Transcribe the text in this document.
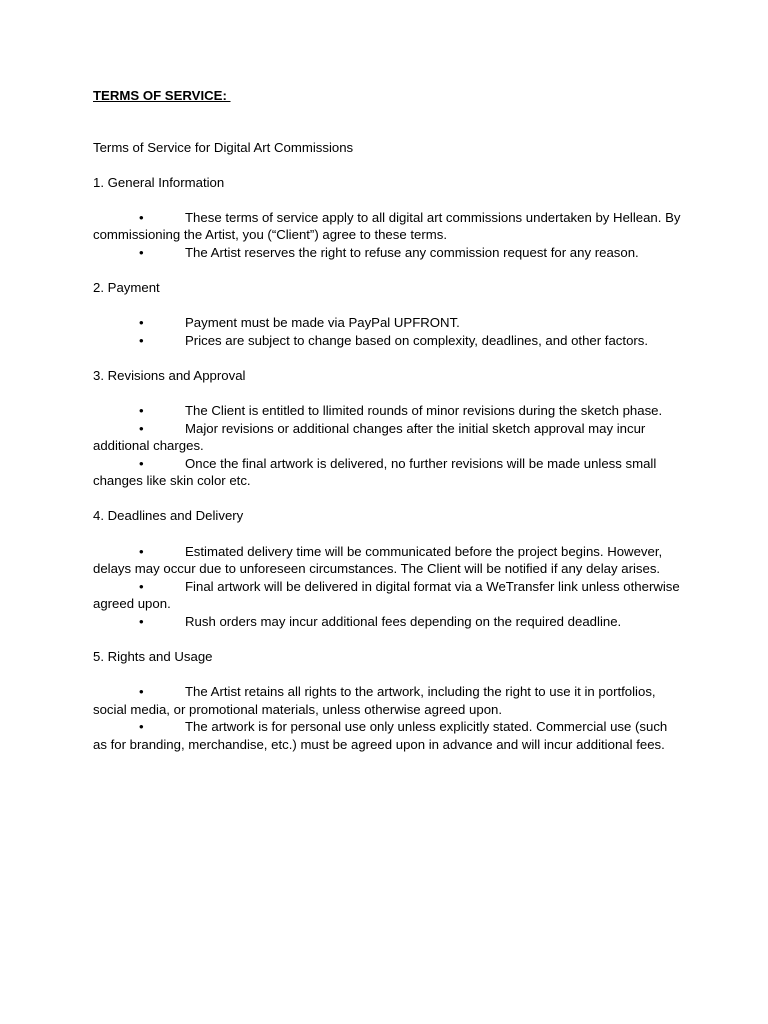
TERMS OF SERVICE:

Terms of Service for Digital Art Commissions
1. General Information
•	These terms of service apply to all digital art commissions undertaken by Hellean. By commissioning the Artist, you (“Client”) agree to these terms.
•	The Artist reserves the right to refuse any commission request for any reason.
2. Payment
•	Payment must be made via PayPal UPFRONT.
•	Prices are subject to change based on complexity, deadlines, and other factors.
3. Revisions and Approval
•	The Client is entitled to llimited rounds of minor revisions during the sketch phase.
•	Major revisions or additional changes after the initial sketch approval may incur additional charges.
•	Once the final artwork is delivered, no further revisions will be made unless small changes like skin color etc.
4. Deadlines and Delivery
•	Estimated delivery time will be communicated before the project begins. However, delays may occur due to unforeseen circumstances. The Client will be notified if any delay arises.
•	Final artwork will be delivered in digital format via a WeTransfer link unless otherwise agreed upon.
•	Rush orders may incur additional fees depending on the required deadline.
5. Rights and Usage
•	The Artist retains all rights to the artwork, including the right to use it in portfolios, social media, or promotional materials, unless otherwise agreed upon.
•	The artwork is for personal use only unless explicitly stated. Commercial use (such as for branding, merchandise, etc.) must be agreed upon in advance and will incur additional fees.
